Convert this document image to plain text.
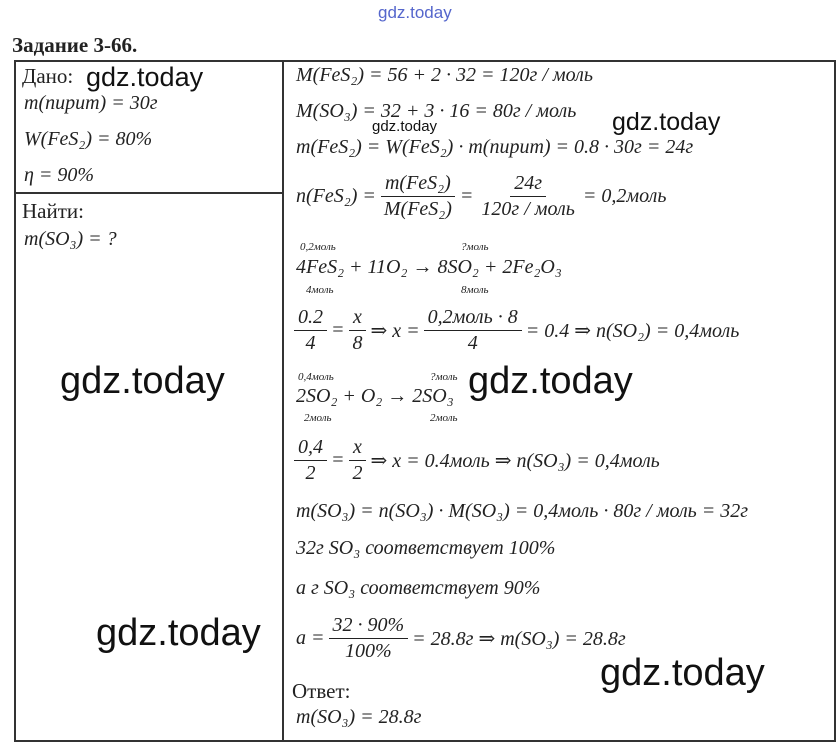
gdz.today
Задание 3-66.
Дано:
m(пирит) = 30г
W(FeS₂) = 80%
η = 90%
Найти:
m(SO₃) = ?
M(FeS₂) = 56 + 2 · 32 = 120г / моль
M(SO₃) = 32 + 3 · 16 = 80г / моль
m(FeS₂) = W(FeS₂) · m(пирит) = 0.8 · 30г = 24г
$n(FeS_2) = \frac{\text{m(FeS₂)}}{\text{M(FeS₂)}} = \frac{24г}{\text{120г / моль}}$ = 0,2моль
0,2моль	?моль
4FeS₂ + 11O₂ → 8SO₂ + 2Fe₂O₃
4моль	8моль
$\frac{0.2}{4} = \frac{x}{8}$ ⇒ $x = \frac{\text{0,2моль · 8}}{4} = 0.4$ ⇒ n(SO₂) = 0,4моль
0,4моль	?моль
2SO₂ + O₂ → 2SO₃
2моль	2моль
$\frac{0,4}{2} = \frac{x}{2}$ ⇒ x = 0.4моль ⇒ n(SO₃) = 0,4моль
m(SO₃) = n(SO₃) · M(SO₃) = 0,4моль · 80г / моль = 32г
32г SO₃ соответствует 100%
a г SO₃ соответствует 90%
$a = \frac{32 \cdot 90\%}{100\%} = 28.8г$ ⇒ m(SO₃) = 28.8г
Ответ:
m(SO₃) = 28.8г
gdz.today
gdz.today	gdz.today
gdz.today	gdz.today
gdz.today
gdz.today
